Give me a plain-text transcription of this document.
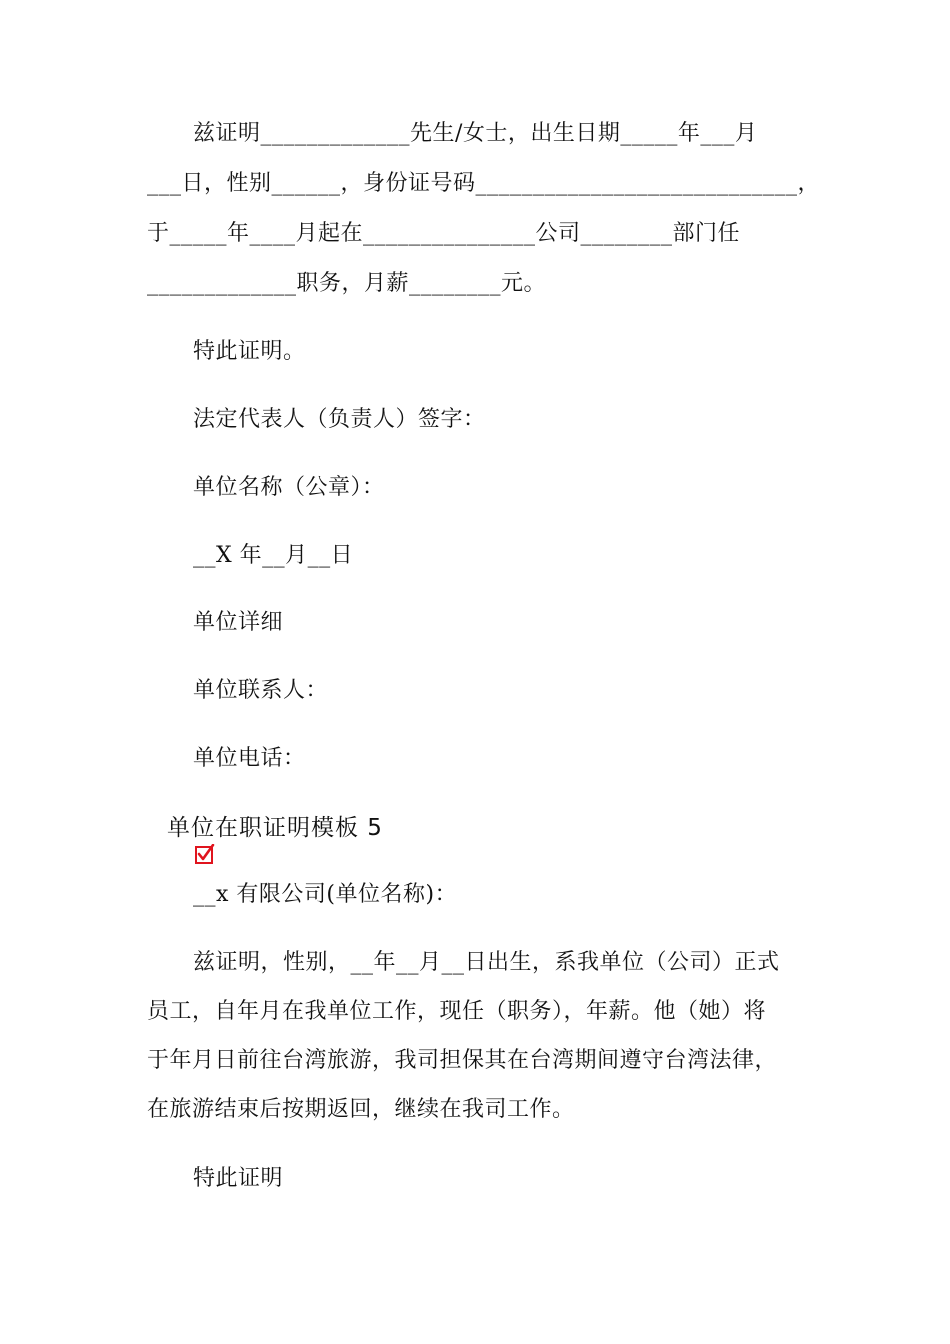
兹证明_____________先生/女士，出生日期_____年___月
___日，性别______，身份证号码____________________________，
于_____年____月起在_______________公司________部门任
_____________职务，月薪________元。
特此证明。
法定代表人（负责人）签字：
单位名称（公章）：
__X 年__月__日
单位详细
单位联系人：
单位电话：

单位在职证明模板 5
__x 有限公司(单位名称)：
兹证明，性别，__年__月__日出生，系我单位（公司）正式
员工，自年月在我单位工作，现任（职务），年薪。他（她）将
于年月日前往台湾旅游，我司担保其在台湾期间遵守台湾法律，
在旅游结束后按期返回，继续在我司工作。
特此证明
